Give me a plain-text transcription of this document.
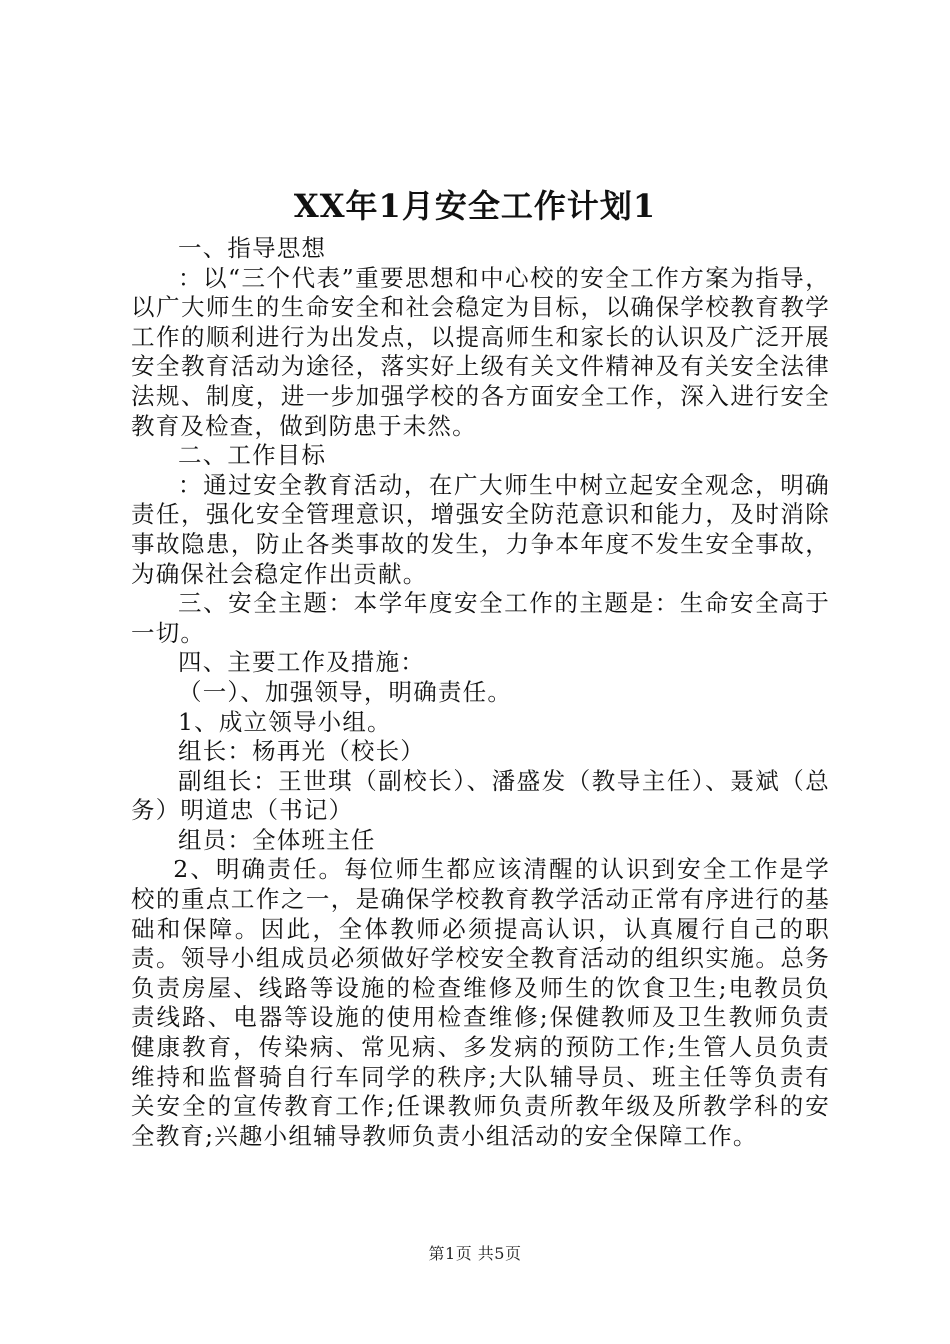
XX年1月安全工作计划1

一、指导思想

：以“三个代表”重要思想和中心校的安全工作方案为指导，以广大师生的生命安全和社会稳定为目标，以确保学校教育教学工作的顺利进行为出发点，以提高师生和家长的认识及广泛开展安全教育活动为途径，落实好上级有关文件精神及有关安全法律法规、制度，进一步加强学校的各方面安全工作，深入进行安全教育及检查，做到防患于未然。

二、工作目标

：通过安全教育活动，在广大师生中树立起安全观念，明确责任，强化安全管理意识，增强安全防范意识和能力，及时消除事故隐患，防止各类事故的发生，力争本年度不发生安全事故，为确保社会稳定作出贡献。

三、安全主题：本学年度安全工作的主题是：生命安全高于一切。

四、主要工作及措施：

（一）、加强领导，明确责任。

1、成立领导小组。

组长：杨再光（校长）

副组长：王世琪（副校长）、潘盛发（教导主任）、聂斌（总务）明道忠（书记）

组员：全体班主任

2、明确责任。每位师生都应该清醒的认识到安全工作是学校的重点工作之一，是确保学校教育教学活动正常有序进行的基础和保障。因此，全体教师必须提高认识，认真履行自己的职责。领导小组成员必须做好学校安全教育活动的组织实施。总务负责房屋、线路等设施的检查维修及师生的饮食卫生;电教员负责线路、电器等设施的使用检查维修;保健教师及卫生教师负责健康教育，传染病、常见病、多发病的预防工作;生管人员负责维持和监督骑自行车同学的秩序;大队辅导员、班主任等负责有关安全的宣传教育工作;任课教师负责所教年级及所教学科的安全教育;兴趣小组辅导教师负责小组活动的安全保障工作。

第1页 共5页
